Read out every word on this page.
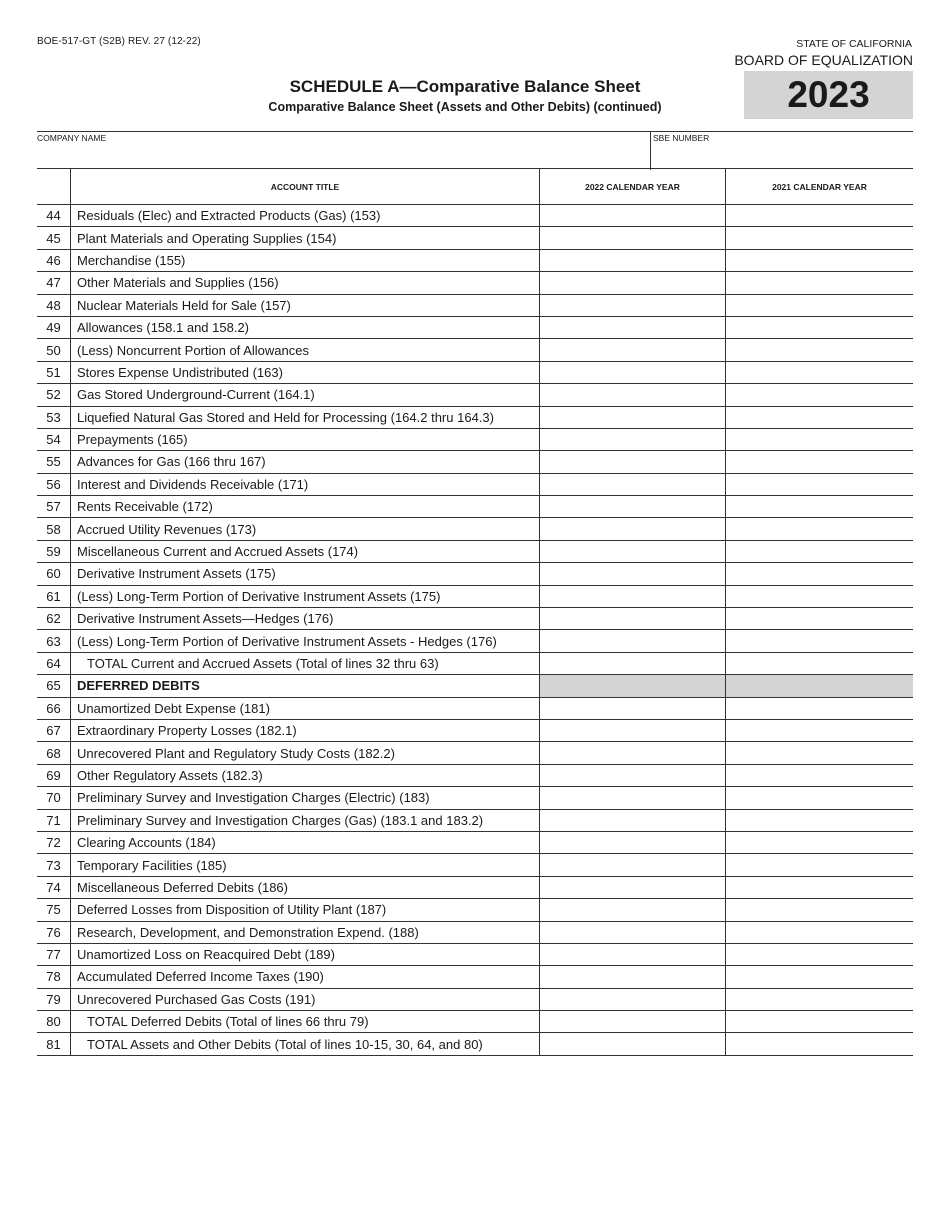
BOE-517-GT (S2B) REV. 27 (12-22)	STATE OF CALIFORNIA
BOARD OF EQUALIZATION
2023
SCHEDULE A—Comparative Balance Sheet
Comparative Balance Sheet (Assets and Other Debits) (continued)
COMPANY NAME	SBE NUMBER
	ACCOUNT TITLE	2022 CALENDAR YEAR	2021 CALENDAR YEAR
44	Residuals (Elec) and Extracted Products (Gas) (153)		
45	Plant Materials and Operating Supplies (154)		
46	Merchandise (155)		
47	Other Materials and Supplies (156)		
48	Nuclear Materials Held for Sale (157)		
49	Allowances (158.1 and 158.2)		
50	(Less) Noncurrent Portion of Allowances		
51	Stores Expense Undistributed (163)		
52	Gas Stored Underground-Current (164.1)		
53	Liquefied Natural Gas Stored and Held for Processing (164.2 thru 164.3)		
54	Prepayments (165)		
55	Advances for Gas (166 thru 167)		
56	Interest and Dividends Receivable (171)		
57	Rents Receivable (172)		
58	Accrued Utility Revenues (173)		
59	Miscellaneous Current and Accrued Assets (174)		
60	Derivative Instrument Assets (175)		
61	(Less) Long-Term Portion of Derivative Instrument Assets (175)		
62	Derivative Instrument Assets—Hedges (176)		
63	(Less) Long-Term Portion of Derivative Instrument Assets - Hedges (176)		
64	TOTAL Current and Accrued Assets (Total of lines 32 thru 63)		
65	DEFERRED DEBITS		
66	Unamortized Debt Expense (181)		
67	Extraordinary Property Losses (182.1)		
68	Unrecovered Plant and Regulatory Study Costs (182.2)		
69	Other Regulatory Assets (182.3)		
70	Preliminary Survey and Investigation Charges (Electric) (183)		
71	Preliminary Survey and Investigation Charges (Gas) (183.1 and 183.2)		
72	Clearing Accounts (184)		
73	Temporary Facilities (185)		
74	Miscellaneous Deferred Debits (186)		
75	Deferred Losses from Disposition of Utility Plant (187)		
76	Research, Development, and Demonstration Expend. (188)		
77	Unamortized Loss on Reacquired Debt (189)		
78	Accumulated Deferred Income Taxes (190)		
79	Unrecovered Purchased Gas Costs (191)		
80	TOTAL Deferred Debits (Total of lines 66 thru 79)		
81	TOTAL Assets and Other Debits (Total of lines 10-15, 30, 64, and 80)		
